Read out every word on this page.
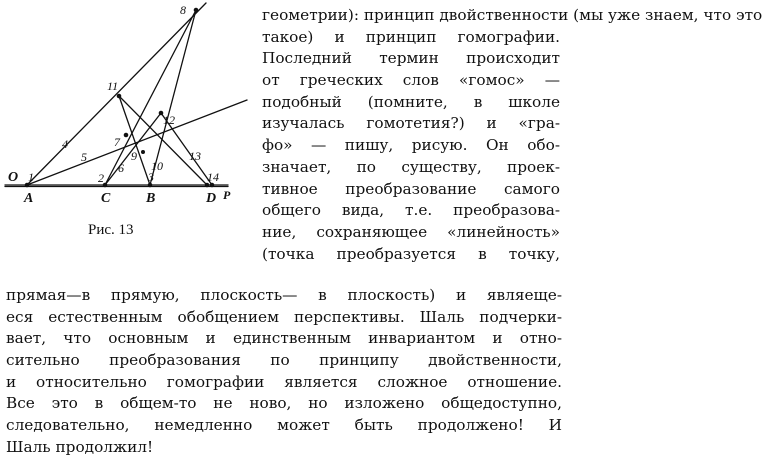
8
11
4
5
7
12
6
9
10
13
2	3	14
O 1
A	C	B	D P
Рис. 13
геометрии): принцип двойственности (мы уже знаем, что это
такое) и принцип гомографии.
Последний термин происходит
от греческих слов «гомос» —
подобный (помните, в школе
изучалась гомотетия?) и «гра-
фо» — пишу, рисую. Он обо-
значает, по существу, проек-
тивное преобразование самого
общего вида, т.е. преобразова-
ние, сохраняющее «линейность»
(точка преобразуется в точку,
прямая—в прямую, плоскость— в плоскость) и являеще-
еся естественным обобщением перспективы. Шаль подчерки-
вает, что основным и единственным инвариантом и отно-
сительно преобразования по принципу двойственности,
и относительно гомографии является сложное отношение.
Все это в общем-то не ново, но изложено общедоступно,
следовательно, немедленно может быть продолжено! И
Шаль продолжил!
